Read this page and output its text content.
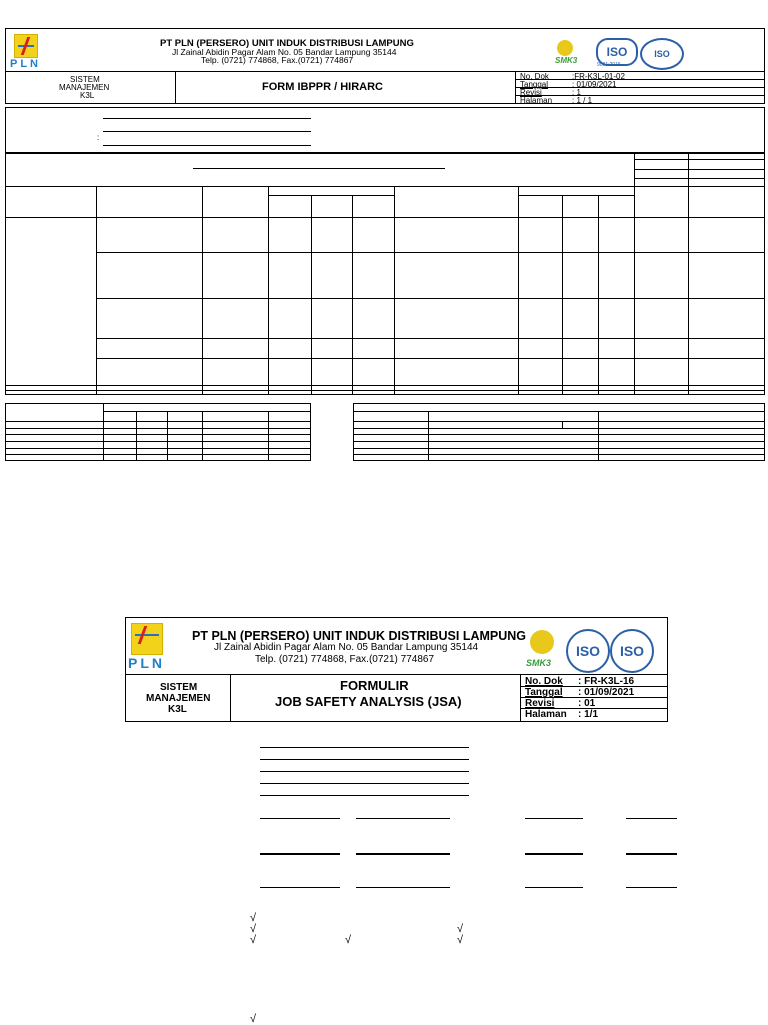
PLN
PT PLN (PERSERO) UNIT INDUK DISTRIBUSI LAMPUNG
Jl Zainal Abidin Pagar Alam No. 05 Bandar Lampung 35144
Telp. (0721) 774868, Fax.(0721) 774867	SMK3
ISO
9001:2015
ISO
SISTEM
MANAJEMEN
K3L
FORM IBPPR / HIRARC
No. Dok	:FR-K3L-01-02
Tanggal	: 01/09/2021
Revisi	: 1
Halaman : 1 / 1
:
PLN
PT PLN (PERSERO) UNIT INDUK DISTRIBUSI LAMPUNG
Jl Zainal Abidin Pagar Alam No. 05 Bandar Lampung 35144
Telp. (0721) 774868, Fax.(0721) 774867	SMK3
ISO	ISO
SISTEM
MANAJEMEN
K3L
FORMULIR
JOB SAFETY ANALYSIS (JSA)
No. Dok : FR-K3L-16
Tanggal : 01/09/2021
Revisi : 01
Halaman : 1/1
√
√	√
√	√	√
√
